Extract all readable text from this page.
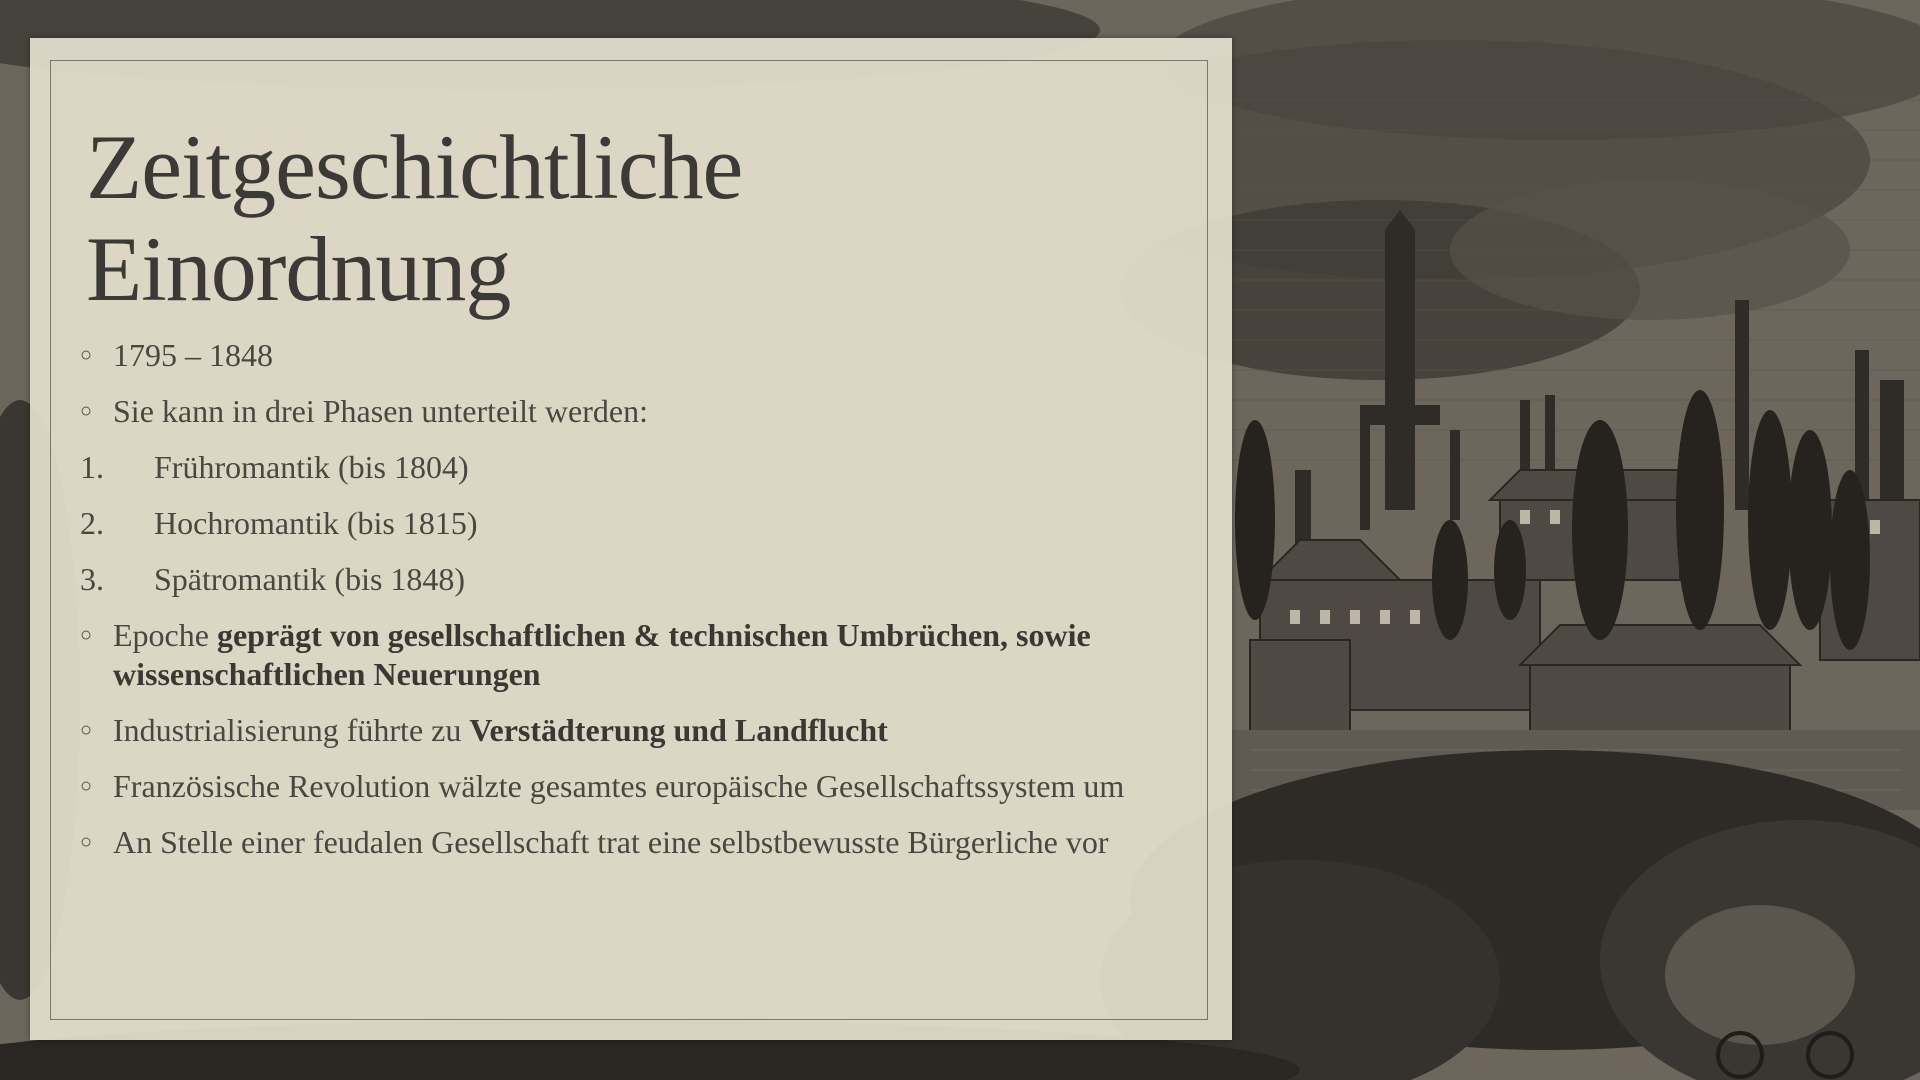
Zeitgeschichtliche
Einordnung
○ 1795 – 1848
○ Sie kann in drei Phasen unterteilt werden:
1.	Frühromantik (bis 1804)
2.	Hochromantik (bis 1815)
3.	Spätromantik (bis 1848)
○ Epoche geprägt von gesellschaftlichen & technischen Umbrüchen, sowie wissenschaftlichen Neuerungen
○ Industrialisierung führte zu Verstädterung und Landflucht
○ Französische Revolution wälzte gesamtes europäische Gesellschaftssystem um
○ An Stelle einer feudalen Gesellschaft trat eine selbstbewusste Bürgerliche vor
